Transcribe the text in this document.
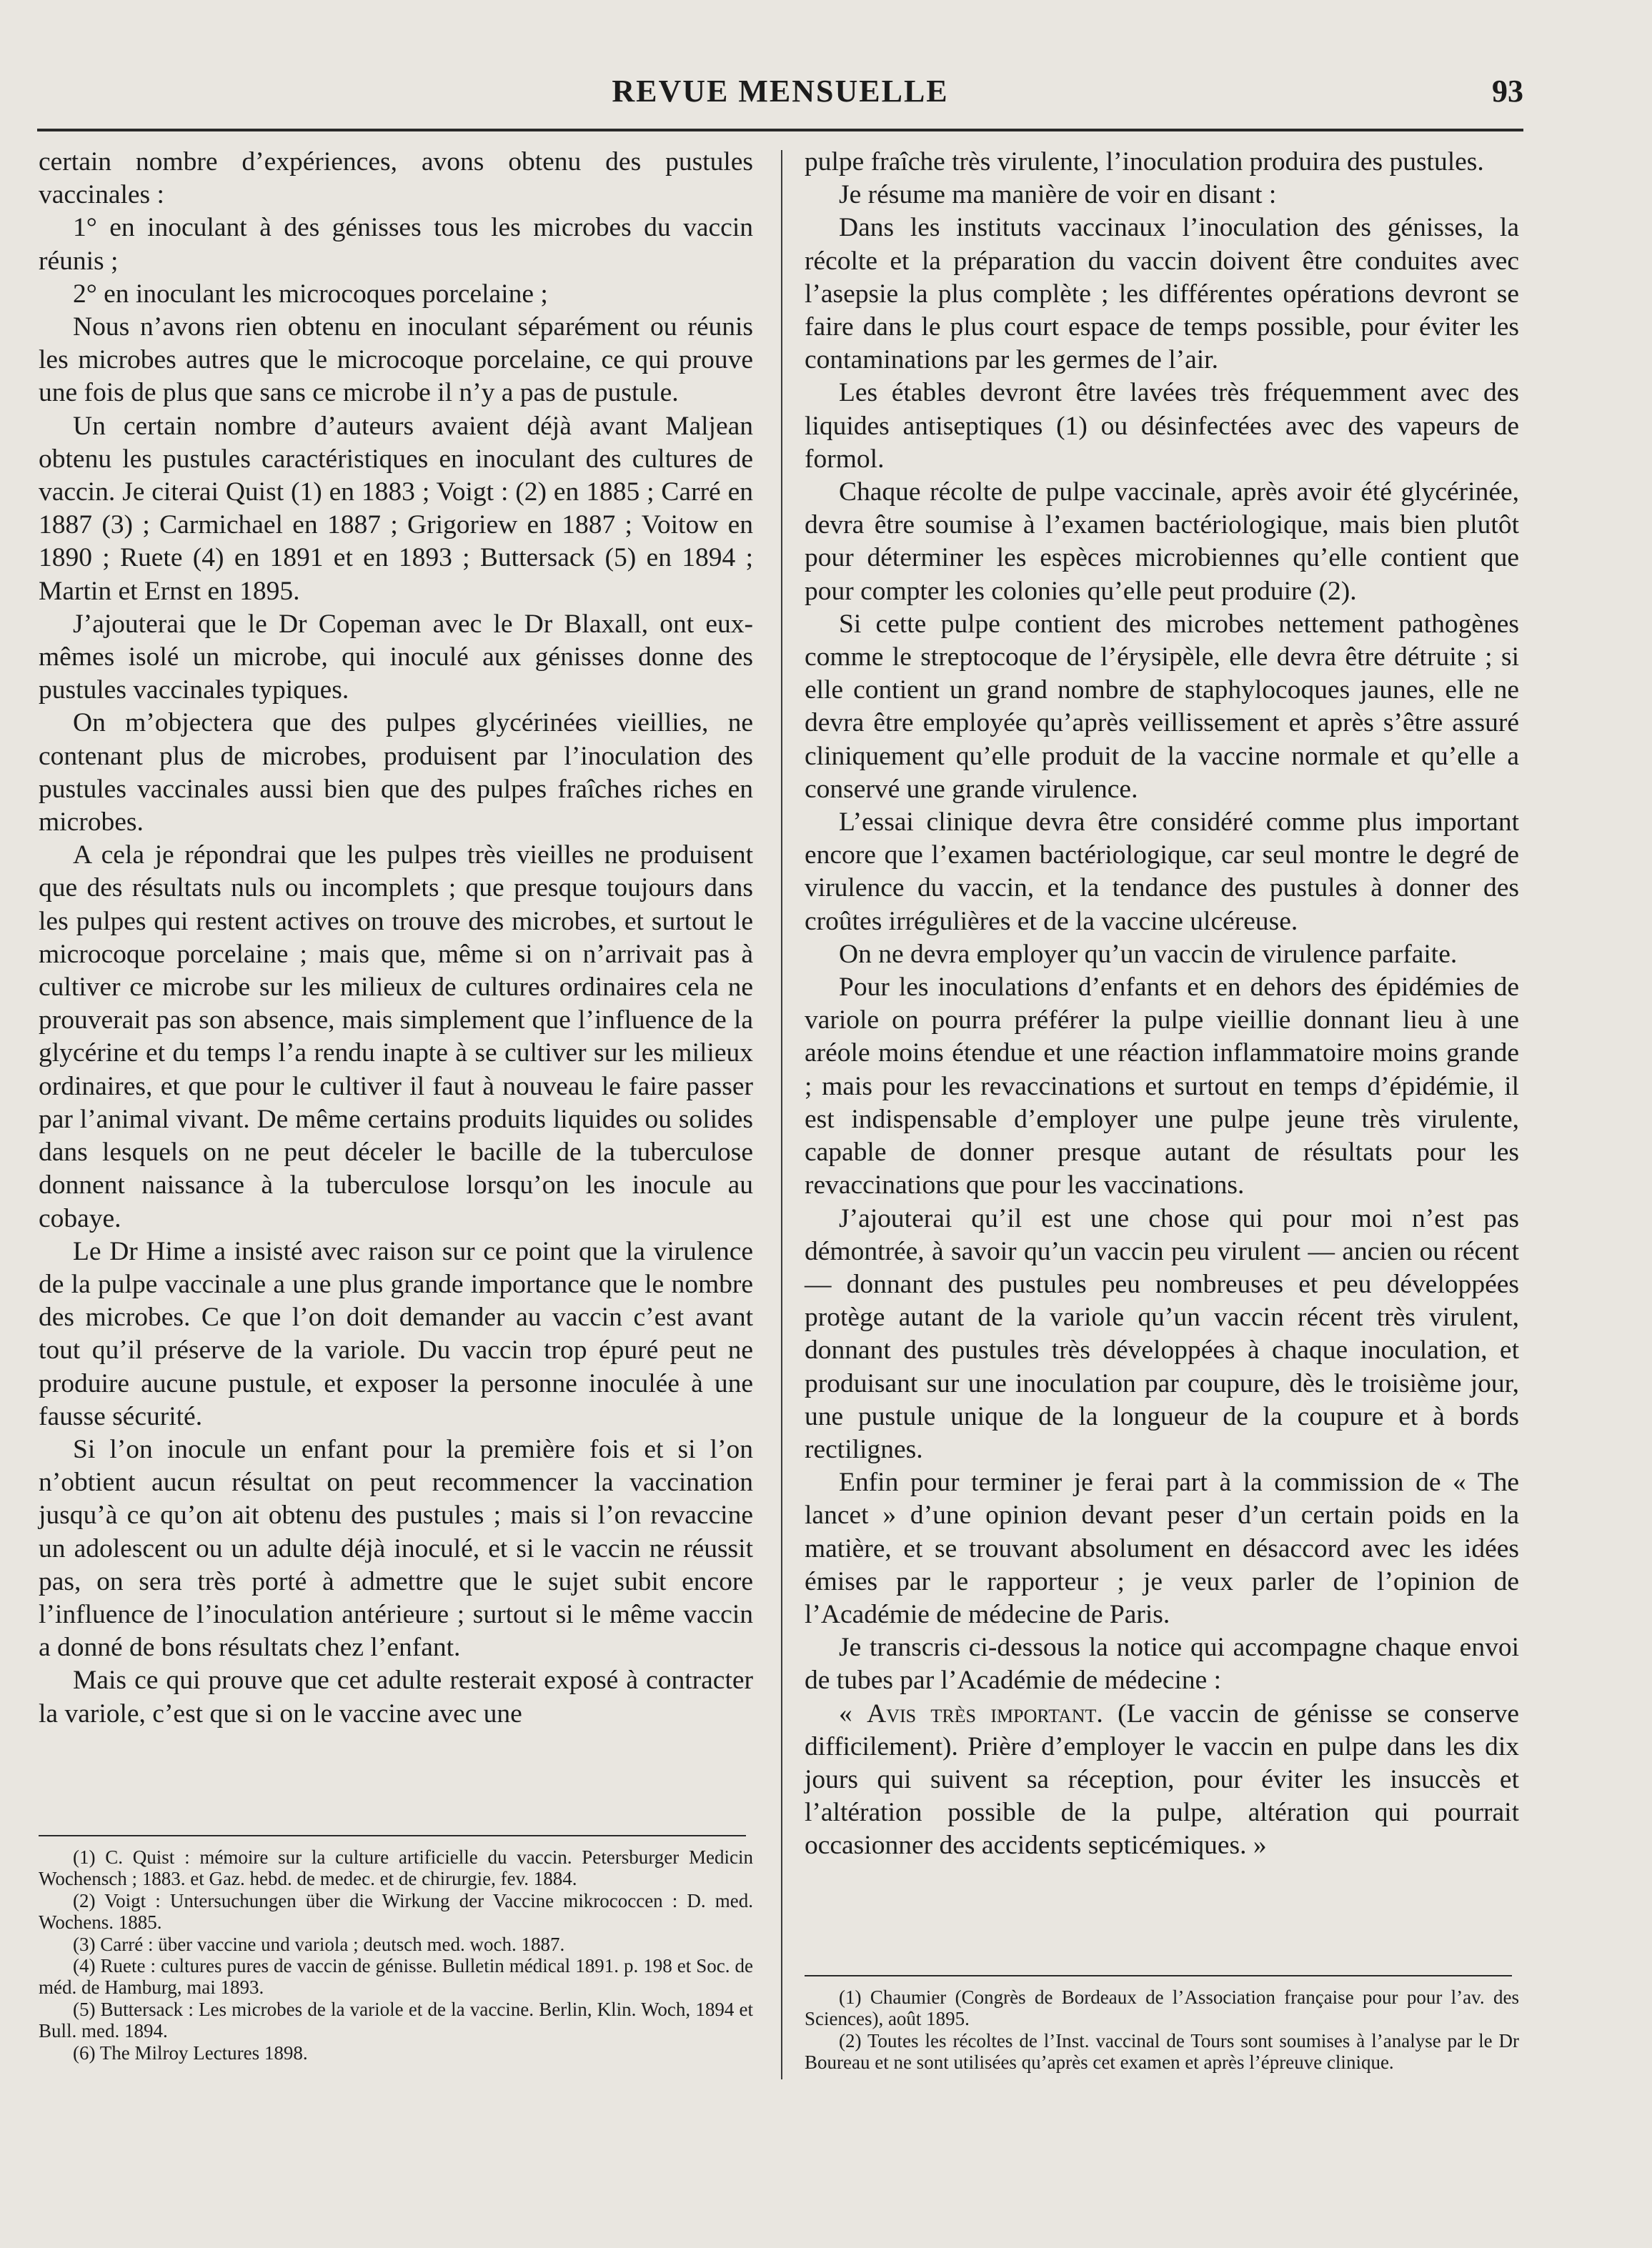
REVUE MENSUELLE	93

certain nombre d’expériences, avons obtenu des pustules vaccinales :

1° en inoculant à des génisses tous les microbes du vaccin réunis ;

2° en inoculant les microcoques porcelaine ;

Nous n’avons rien obtenu en inoculant séparément ou réunis les microbes autres que le microcoque porcelaine, ce qui prouve une fois de plus que sans ce microbe il n’y a pas de pustule.

Un certain nombre d’auteurs avaient déjà avant Maljean obtenu les pustules caractéristiques en inoculant des cultures de vaccin. Je citerai Quist (1) en 1883 ; Voigt : (2) en 1885 ; Carré en 1887 (3) ; Carmichael en 1887 ; Grigoriew en 1887 ; Voitow en 1890 ; Ruete (4) en 1891 et en 1893 ; Buttersack (5) en 1894 ; Martin et Ernst en 1895.

J’ajouterai que le Dr Copeman avec le Dr Blaxall, ont eux-mêmes isolé un microbe, qui inoculé aux génisses donne des pustules vaccinales typiques.

On m’objectera que des pulpes glycérinées vieillies, ne contenant plus de microbes, produisent par l’inoculation des pustules vaccinales aussi bien que des pulpes fraîches riches en microbes.

A cela je répondrai que les pulpes très vieilles ne produisent que des résultats nuls ou incomplets ; que presque toujours dans les pulpes qui restent actives on trouve des microbes, et surtout le microcoque porcelaine ; mais que, même si on n’arrivait pas à cultiver ce microbe sur les milieux de cultures ordinaires cela ne prouverait pas son absence, mais simplement que l’influence de la glycérine et du temps l’a rendu inapte à se cultiver sur les milieux ordinaires, et que pour le cultiver il faut à nouveau le faire passer par l’animal vivant. De même certains produits liquides ou solides dans lesquels on ne peut déceler le bacille de la tuberculose donnent naissance à la tuberculose lorsqu’on les inocule au cobaye.

Le Dr Hime a insisté avec raison sur ce point que la virulence de la pulpe vaccinale a une plus grande importance que le nombre des microbes. Ce que l’on doit demander au vaccin c’est avant tout qu’il préserve de la variole. Du vaccin trop épuré peut ne produire aucune pustule, et exposer la personne inoculée à une fausse sécurité.

Si l’on inocule un enfant pour la première fois et si l’on n’obtient aucun résultat on peut recommencer la vaccination jusqu’à ce qu’on ait obtenu des pustules ; mais si l’on revaccine un adolescent ou un adulte déjà inoculé, et si le vaccin ne réussit pas, on sera très porté à admettre que le sujet subit encore l’influence de l’inoculation antérieure ; surtout si le même vaccin a donné de bons résultats chez l’enfant.

Mais ce qui prouve que cet adulte resterait exposé à contracter la variole, c’est que si on le vaccine avec une

pulpe fraîche très virulente, l’inoculation produira des pustules.

Je résume ma manière de voir en disant :

Dans les instituts vaccinaux l’inoculation des génisses, la récolte et la préparation du vaccin doivent être conduites avec l’asepsie la plus complète ; les différentes opérations devront se faire dans le plus court espace de temps possible, pour éviter les contaminations par les germes de l’air.

Les étables devront être lavées très fréquemment avec des liquides antiseptiques (1) ou désinfectées avec des vapeurs de formol.

Chaque récolte de pulpe vaccinale, après avoir été glycérinée, devra être soumise à l’examen bactériologique, mais bien plutôt pour déterminer les espèces microbiennes qu’elle contient que pour compter les colonies qu’elle peut produire (2).

Si cette pulpe contient des microbes nettement pathogènes comme le streptocoque de l’érysipèle, elle devra être détruite ; si elle contient un grand nombre de staphylocoques jaunes, elle ne devra être employée qu’après veillissement et après s’être assuré cliniquement qu’elle produit de la vaccine normale et qu’elle a conservé une grande virulence.

L’essai clinique devra être considéré comme plus important encore que l’examen bactériologique, car seul montre le degré de virulence du vaccin, et la tendance des pustules à donner des croûtes irrégulières et de la vaccine ulcéreuse.

On ne devra employer qu’un vaccin de virulence parfaite.

Pour les inoculations d’enfants et en dehors des épidémies de variole on pourra préférer la pulpe vieillie donnant lieu à une aréole moins étendue et une réaction inflammatoire moins grande ; mais pour les revaccinations et surtout en temps d’épidémie, il est indispensable d’employer une pulpe jeune très virulente, capable de donner presque autant de résultats pour les revaccinations que pour les vaccinations.

J’ajouterai qu’il est une chose qui pour moi n’est pas démontrée, à savoir qu’un vaccin peu virulent — ancien ou récent — donnant des pustules peu nombreuses et peu développées protège autant de la variole qu’un vaccin récent très virulent, donnant des pustules très développées à chaque inoculation, et produisant sur une inoculation par coupure, dès le troisième jour, une pustule unique de la longueur de la coupure et à bords rectilignes.

Enfin pour terminer je ferai part à la commission de « The lancet » d’une opinion devant peser d’un certain poids en la matière, et se trouvant absolument en désaccord avec les idées émises par le rapporteur ; je veux parler de l’opinion de l’Académie de médecine de Paris.

Je transcris ci-dessous la notice qui accompagne chaque envoi de tubes par l’Académie de médecine :

« Avis très important. (Le vaccin de génisse se conserve difficilement). Prière d’employer le vaccin en pulpe dans les dix jours qui suivent sa réception, pour éviter les insuccès et l’altération possible de la pulpe, altération qui pourrait occasionner des accidents septicémiques. »

(1) C. Quist : mémoire sur la culture artificielle du vaccin. Petersburger Medicin Wochensch ; 1883. et Gaz. hebd. de medec. et de chirurgie, fev. 1884.

(2) Voigt : Untersuchungen über die Wirkung der Vaccine mikrococcen : D. med. Wochens. 1885.

(3) Carré : über vaccine und variola ; deutsch med. woch. 1887.

(4) Ruete : cultures pures de vaccin de génisse. Bulletin médical 1891. p. 198 et Soc. de méd. de Hamburg, mai 1893.

(5) Buttersack : Les microbes de la variole et de la vaccine. Berlin, Klin. Woch, 1894 et Bull. med. 1894.

(6) The Milroy Lectures 1898.

(1) Chaumier (Congrès de Bordeaux de l’Association française pour pour l’av. des Sciences), août 1895.

(2) Toutes les récoltes de l’Inst. vaccinal de Tours sont soumises à l’analyse par le Dr Boureau et ne sont utilisées qu’après cet examen et après l’épreuve clinique.
